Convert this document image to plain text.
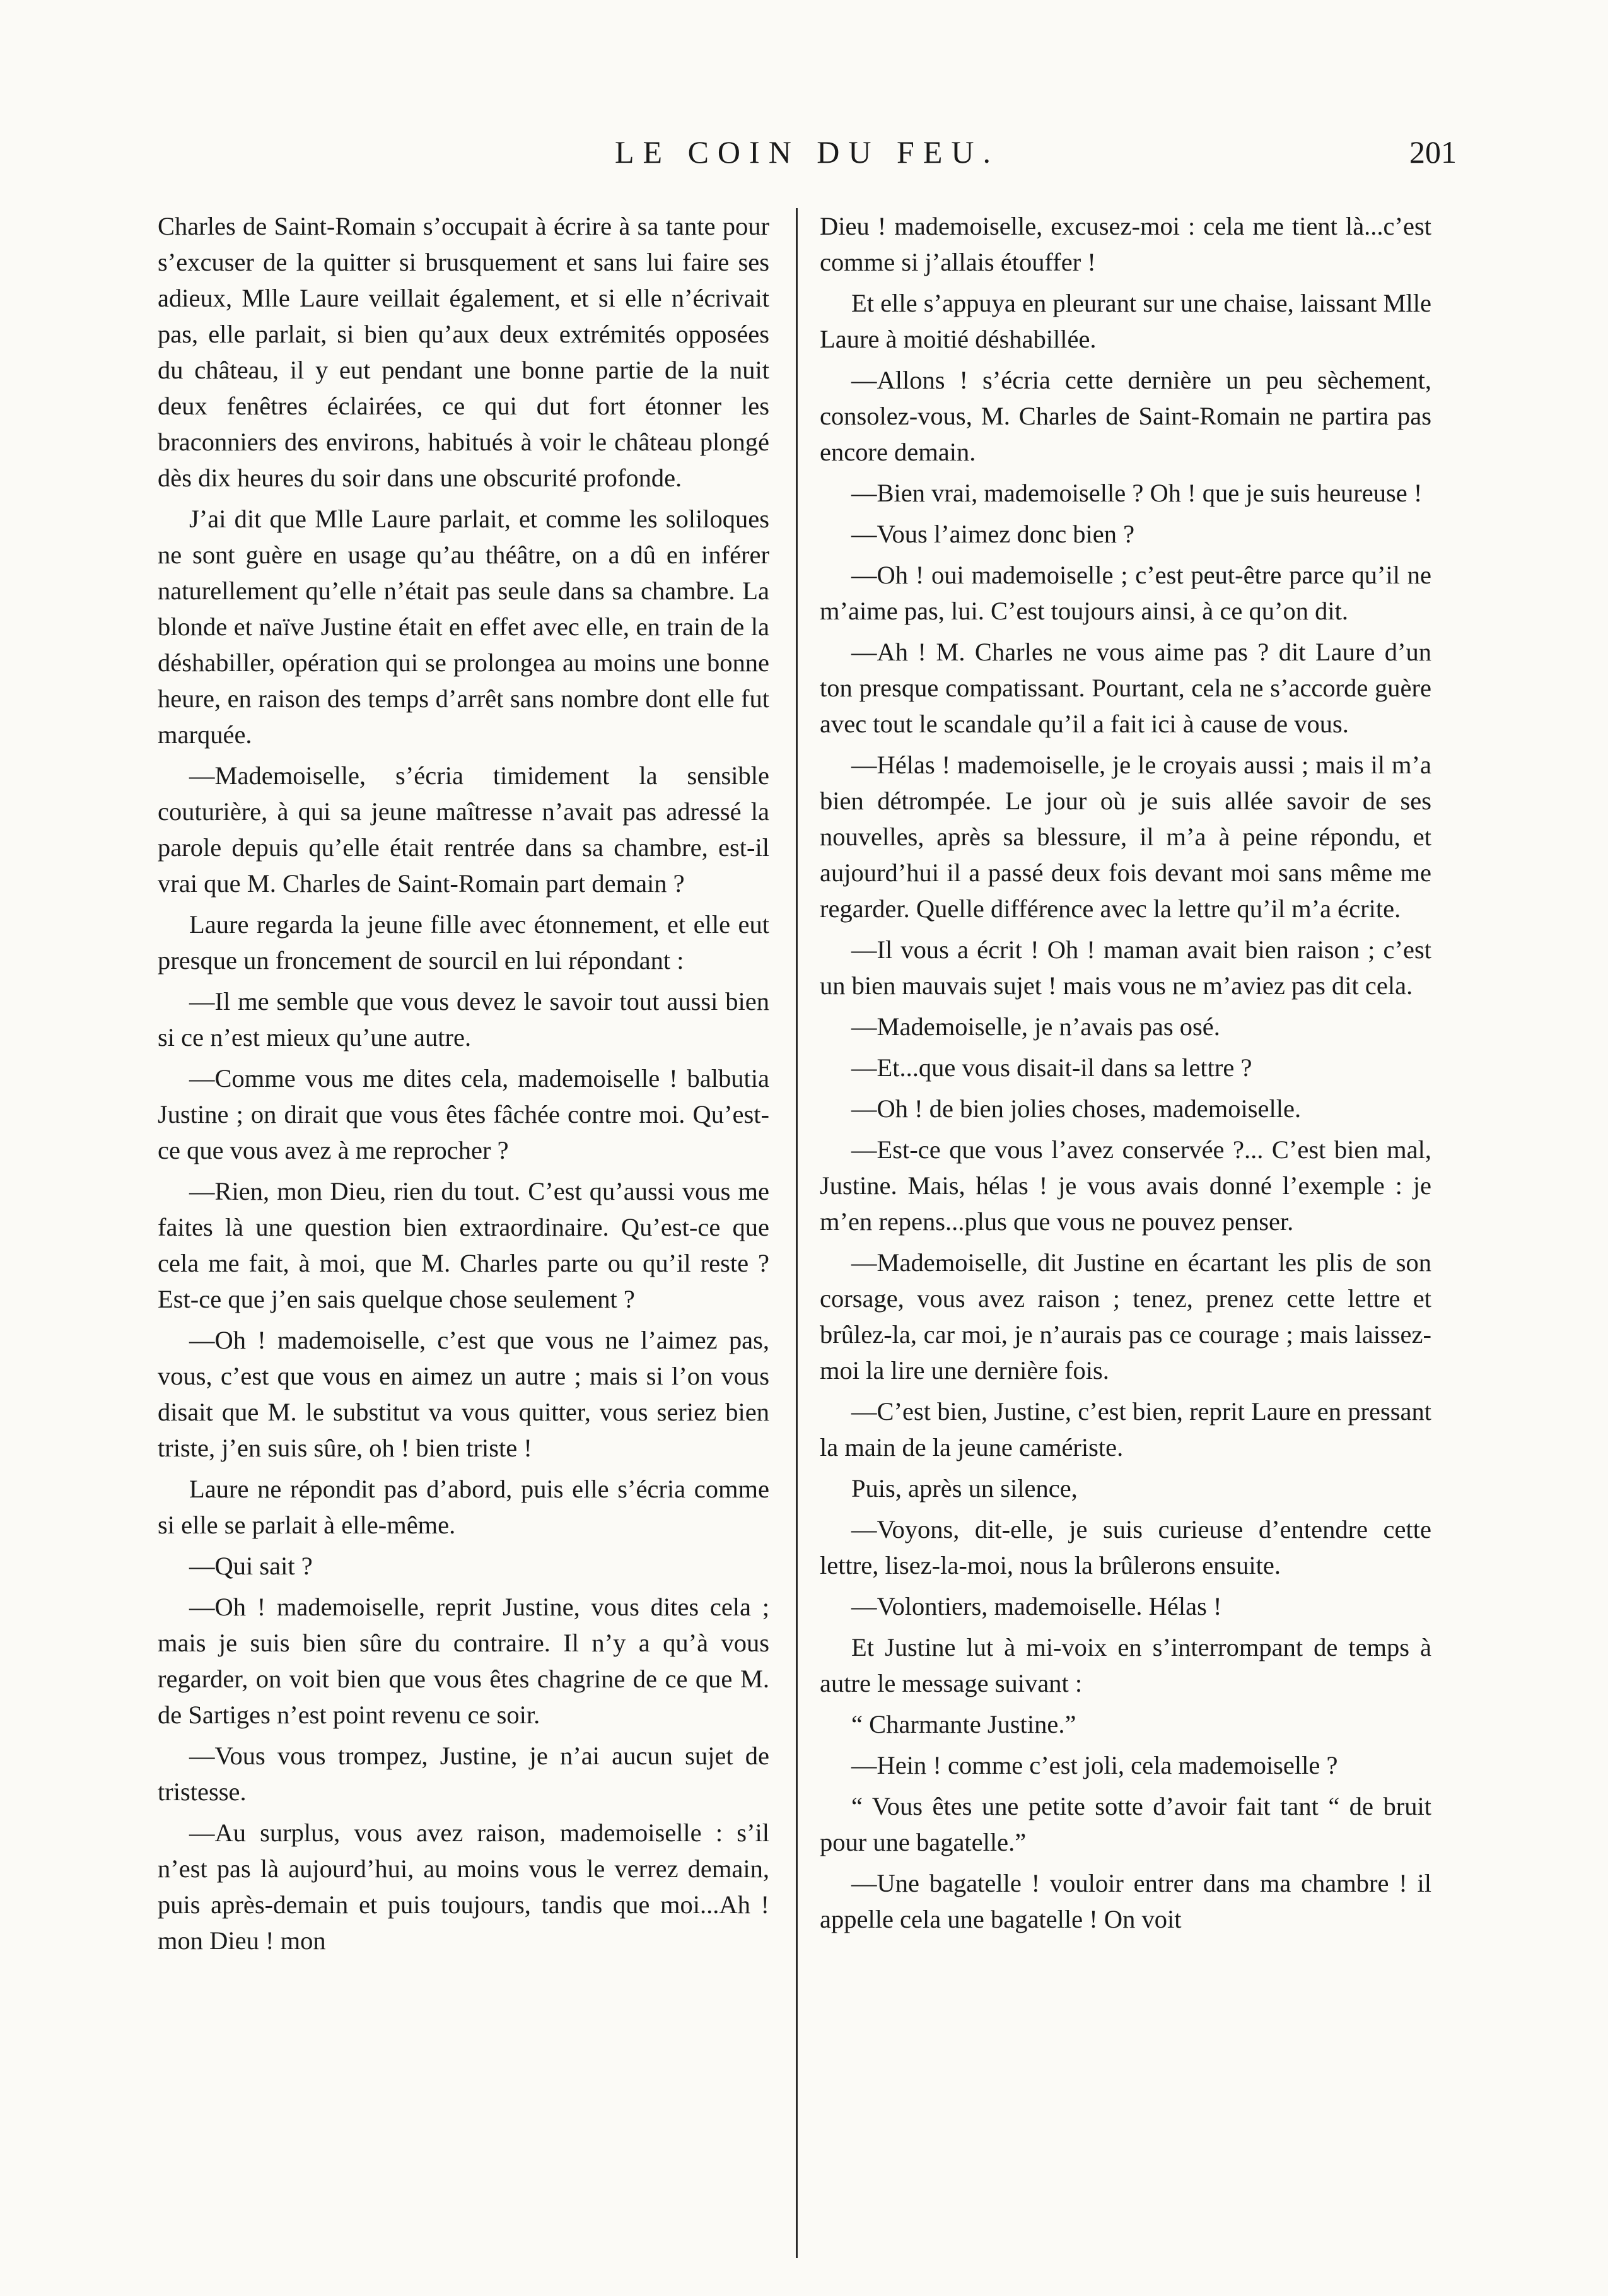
LE COIN DU FEU.	201

Charles de Saint-Romain s’occupait à écrire à sa tante pour s’excuser de la quitter si brusquement et sans lui faire ses adieux, Mlle Laure veillait également, et si elle n’écrivait pas, elle parlait, si bien qu’aux deux extrémités opposées du château, il y eut pendant une bonne partie de la nuit deux fenêtres éclairées, ce qui dut fort étonner les braconniers des environs, habitués à voir le château plongé dès dix heures du soir dans une obscurité profonde.

J’ai dit que Mlle Laure parlait, et comme les soliloques ne sont guère en usage qu’au théâtre, on a dû en inférer naturellement qu’elle n’était pas seule dans sa chambre. La blonde et naïve Justine était en effet avec elle, en train de la déshabiller, opération qui se prolongea au moins une bonne heure, en raison des temps d’arrêt sans nombre dont elle fut marquée.

—Mademoiselle, s’écria timidement la sensible couturière, à qui sa jeune maîtresse n’avait pas adressé la parole depuis qu’elle était rentrée dans sa chambre, est-il vrai que M. Charles de Saint-Romain part demain ?

Laure regarda la jeune fille avec étonnement, et elle eut presque un froncement de sourcil en lui répondant :

—Il me semble que vous devez le savoir tout aussi bien si ce n’est mieux qu’une autre.

—Comme vous me dites cela, mademoiselle ! balbutia Justine ; on dirait que vous êtes fâchée contre moi. Qu’est-ce que vous avez à me reprocher ?

—Rien, mon Dieu, rien du tout. C’est qu’aussi vous me faites là une question bien extraordinaire. Qu’est-ce que cela me fait, à moi, que M. Charles parte ou qu’il reste ? Est-ce que j’en sais quelque chose seulement ?

—Oh ! mademoiselle, c’est que vous ne l’aimez pas, vous, c’est que vous en aimez un autre ; mais si l’on vous disait que M. le substitut va vous quitter, vous seriez bien triste, j’en suis sûre, oh ! bien triste !

Laure ne répondit pas d’abord, puis elle s’écria comme si elle se parlait à elle-même.

—Qui sait ?

—Oh ! mademoiselle, reprit Justine, vous dites cela ; mais je suis bien sûre du contraire. Il n’y a qu’à vous regarder, on voit bien que vous êtes chagrine de ce que M. de Sartiges n’est point revenu ce soir.

—Vous vous trompez, Justine, je n’ai aucun sujet de tristesse.

—Au surplus, vous avez raison, mademoiselle : s’il n’est pas là aujourd’hui, au moins vous le verrez demain, puis après-demain et puis toujours, tandis que moi...Ah ! mon Dieu ! mon

Dieu ! mademoiselle, excusez-moi : cela me tient là...c’est comme si j’allais étouffer !

Et elle s’appuya en pleurant sur une chaise, laissant Mlle Laure à moitié déshabillée.

—Allons ! s’écria cette dernière un peu sèchement, consolez-vous, M. Charles de Saint-Romain ne partira pas encore demain.

—Bien vrai, mademoiselle ? Oh ! que je suis heureuse !

—Vous l’aimez donc bien ?

—Oh ! oui mademoiselle ; c’est peut-être parce qu’il ne m’aime pas, lui. C’est toujours ainsi, à ce qu’on dit.

—Ah ! M. Charles ne vous aime pas ? dit Laure d’un ton presque compatissant. Pourtant, cela ne s’accorde guère avec tout le scandale qu’il a fait ici à cause de vous.

—Hélas ! mademoiselle, je le croyais aussi ; mais il m’a bien détrompée. Le jour où je suis allée savoir de ses nouvelles, après sa blessure, il m’a à peine répondu, et aujourd’hui il a passé deux fois devant moi sans même me regarder. Quelle différence avec la lettre qu’il m’a écrite.

—Il vous a écrit ! Oh ! maman avait bien raison ; c’est un bien mauvais sujet ! mais vous ne m’aviez pas dit cela.

—Mademoiselle, je n’avais pas osé.

—Et...que vous disait-il dans sa lettre ?

—Oh ! de bien jolies choses, mademoiselle.

—Est-ce que vous l’avez conservée ?... C’est bien mal, Justine. Mais, hélas ! je vous avais donné l’exemple : je m’en repens...plus que vous ne pouvez penser.

—Mademoiselle, dit Justine en écartant les plis de son corsage, vous avez raison ; tenez, prenez cette lettre et brûlez-la, car moi, je n’aurais pas ce courage ; mais laissez-moi la lire une dernière fois.

—C’est bien, Justine, c’est bien, reprit Laure en pressant la main de la jeune camériste.

Puis, après un silence,

—Voyons, dit-elle, je suis curieuse d’entendre cette lettre, lisez-la-moi, nous la brûlerons ensuite.

—Volontiers, mademoiselle. Hélas !

Et Justine lut à mi-voix en s’interrompant de temps à autre le message suivant :

“ Charmante Justine.”

—Hein ! comme c’est joli, cela mademoiselle ?

“ Vous êtes une petite sotte d’avoir fait tant “ de bruit pour une bagatelle.”

—Une bagatelle ! vouloir entrer dans ma chambre ! il appelle cela une bagatelle ! On voit
